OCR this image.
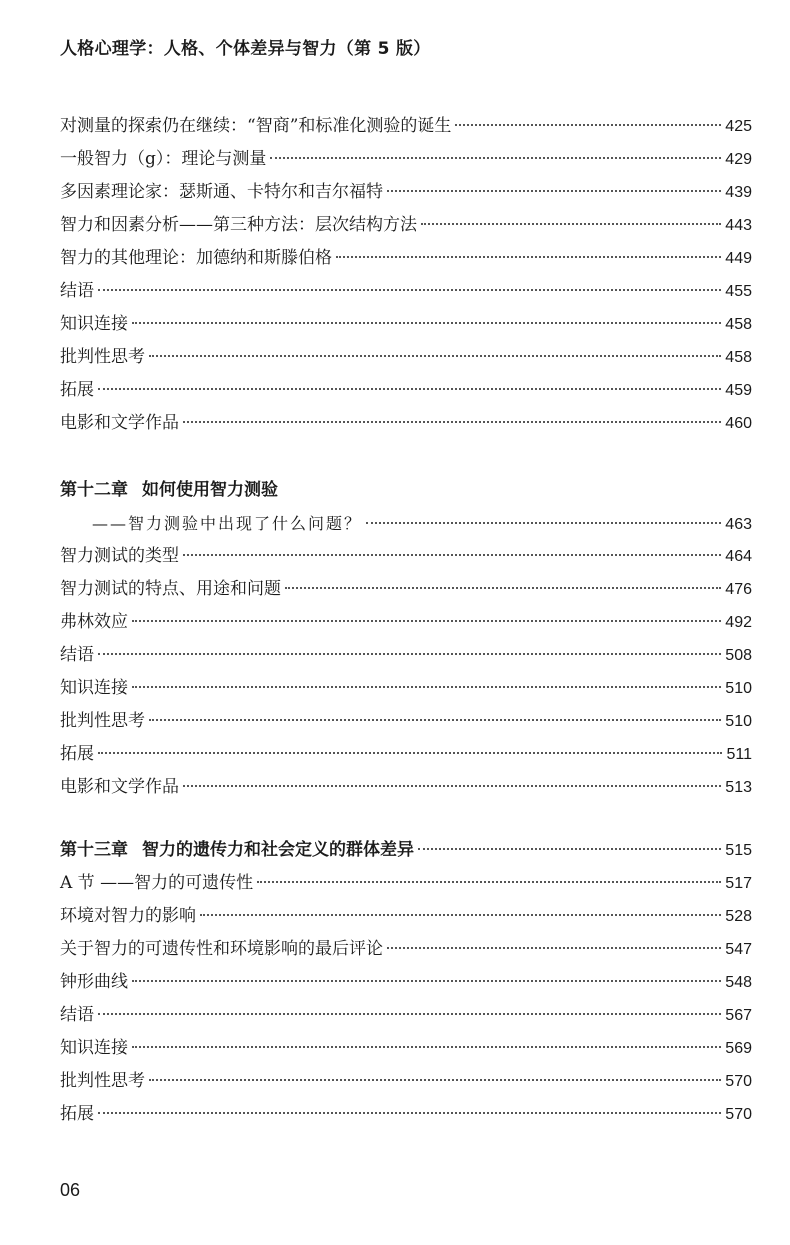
人格心理学：人格、个体差异与智力（第 5 版）
对测量的探索仍在继续：“智商”和标准化测验的诞生	425
一般智力（g）：理论与测量	429
多因素理论家：瑟斯通、卡特尔和吉尔福特	439
智力和因素分析——第三种方法：层次结构方法	443
智力的其他理论：加德纳和斯滕伯格	449
结语	455
知识连接	458
批判性思考	458
拓展	459
电影和文学作品	460
第十二章 如何使用智力测验
——智力测验中出现了什么问题？	463
智力测试的类型	464
智力测试的特点、用途和问题	476
弗林效应	492
结语	508
知识连接	510
批判性思考	510
拓展	511
电影和文学作品	513
第十三章 智力的遗传力和社会定义的群体差异	515
A 节 ——智力的可遗传性	517
环境对智力的影响	528
关于智力的可遗传性和环境影响的最后评论	547
钟形曲线	548
结语	567
知识连接	569
批判性思考	570
拓展	570
06
